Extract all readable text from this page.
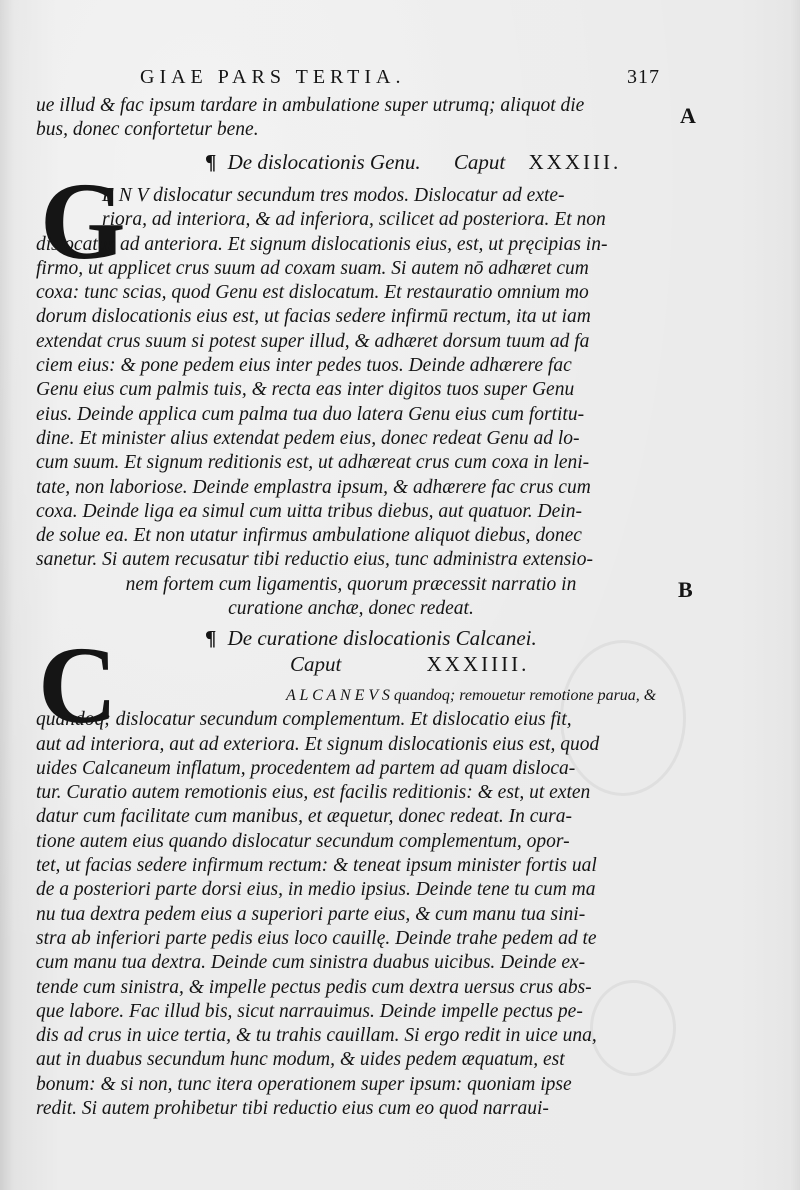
GIAE PARS TERTIA.	317
A
B
ue illud & fac ipsum tardare in ambulatione super utrumq; aliquot die
bus, donec confortetur bene.
¶ De dislocationis Genu. Caput XXXIII.
G
E N V dislocatur secundum tres modos. Dislocatur ad exte-
riora, ad interiora, & ad inferiora, scilicet ad posteriora. Et non
dislocatur ad anteriora. Et signum dislocationis eius, est, ut pręcipias in-
firmo, ut applicet crus suum ad coxam suam. Si autem nō adhæret cum
coxa: tunc scias, quod Genu est dislocatum. Et restauratio omnium mo
dorum dislocationis eius est, ut facias sedere infirmū rectum, ita ut iam
extendat crus suum si potest super illud, & adhæret dorsum tuum ad fa
ciem eius: & pone pedem eius inter pedes tuos. Deinde adhærere fac
Genu eius cum palmis tuis, & recta eas inter digitos tuos super Genu
eius. Deinde applica cum palma tua duo latera Genu eius cum fortitu-
dine. Et minister alius extendat pedem eius, donec redeat Genu ad lo-
cum suum. Et signum reditionis est, ut adhæreat crus cum coxa in leni-
tate, non laboriose. Deinde emplastra ipsum, & adhærere fac crus cum
coxa. Deinde liga ea simul cum uitta tribus diebus, aut quatuor. Dein-
de solue ea. Et non utatur infirmus ambulatione aliquot diebus, donec
sanetur. Si autem recusatur tibi reductio eius, tunc administra extensio-
nem fortem cum ligamentis, quorum præcessit narratio in
curatione anchæ, donec redeat.
¶ De curatione dislocationis Calcanei.
Caput	XXXIIII.
C	A L C A N E V S quandoq; remouetur remotione parua, &
quandoq; dislocatur secundum complementum. Et dislocatio eius fit,
aut ad interiora, aut ad exteriora. Et signum dislocationis eius est, quod
uides Calcaneum inflatum, procedentem ad partem ad quam disloca-
tur. Curatio autem remotionis eius, est facilis reditionis: & est, ut exten
datur cum facilitate cum manibus, et æquetur, donec redeat. In cura-
tione autem eius quando dislocatur secundum complementum, opor-
tet, ut facias sedere infirmum rectum: & teneat ipsum minister fortis ual
de a posteriori parte dorsi eius, in medio ipsius. Deinde tene tu cum ma
nu tua dextra pedem eius a superiori parte eius, & cum manu tua sini-
stra ab inferiori parte pedis eius loco cauillę. Deinde trahe pedem ad te
cum manu tua dextra. Deinde cum sinistra duabus uicibus. Deinde ex-
tende cum sinistra, & impelle pectus pedis cum dextra uersus crus abs-
que labore. Fac illud bis, sicut narrauimus. Deinde impelle pectus pe-
dis ad crus in uice tertia, & tu trahis cauillam. Si ergo redit in uice una,
aut in duabus secundum hunc modum, & uides pedem æquatum, est
bonum: & si non, tunc itera operationem super ipsum: quoniam ipse
redit. Si autem prohibetur tibi reductio eius cum eo quod narraui-
